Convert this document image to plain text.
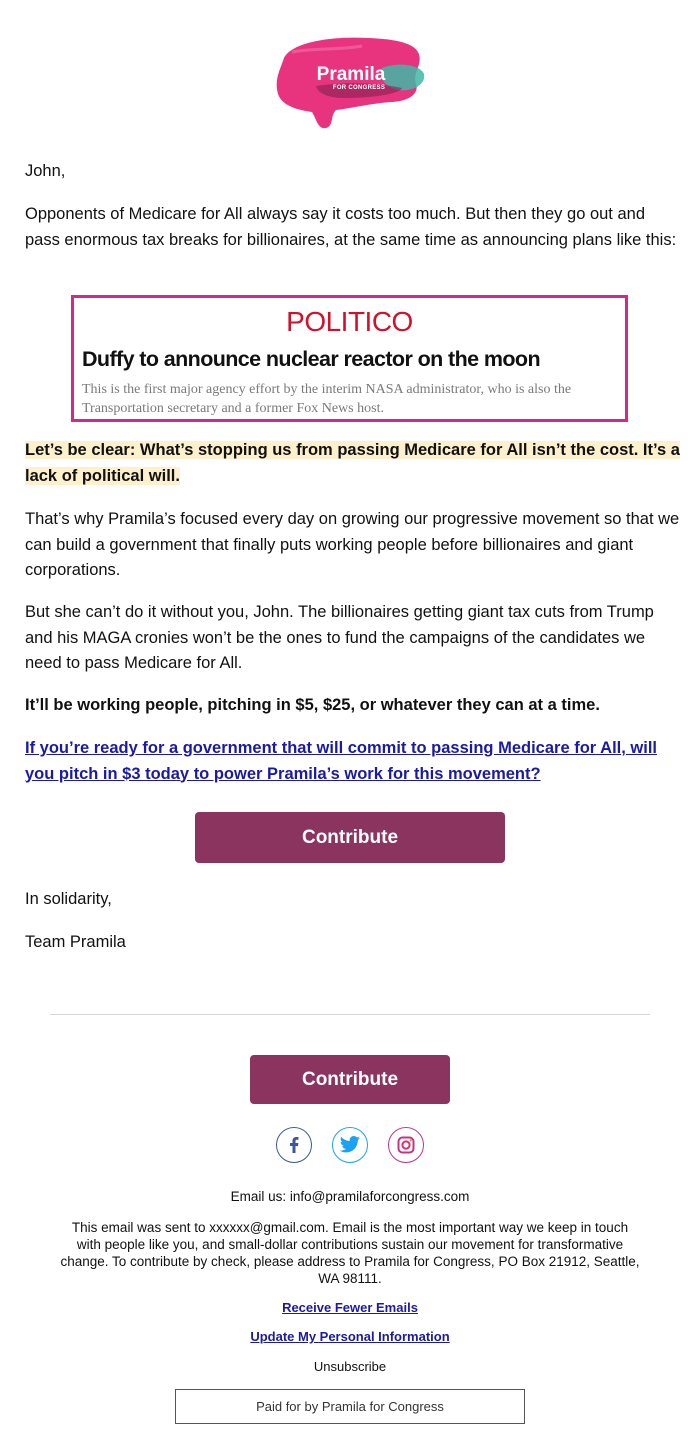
Pramila
FOR CONGRESS
John,
Opponents of Medicare for All always say it costs too much. But then they go out and pass enormous tax breaks for billionaires, at the same time as announcing plans like this:
POLITICO
Duffy to announce nuclear reactor on the moon
This is the first major agency effort by the interim NASA administrator, who is also the Transportation secretary and a former Fox News host.
Let’s be clear: What’s stopping us from passing Medicare for All isn’t the cost. It’s a lack of political will.
That’s why Pramila’s focused every day on growing our progressive movement so that we can build a government that finally puts working people before billionaires and giant corporations.
But she can’t do it without you, John. The billionaires getting giant tax cuts from Trump and his MAGA cronies won’t be the ones to fund the campaigns of the candidates we need to pass Medicare for All.
It’ll be working people, pitching in $5, $25, or whatever they can at a time.
If you’re ready for a government that will commit to passing Medicare for All, will you pitch in $3 today to power Pramila’s work for this movement?
Contribute
In solidarity,
Team Pramila
Contribute
Email us: info@pramilaforcongress.com
This email was sent to xxxxxx@gmail.com. Email is the most important way we keep in touch with people like you, and small-dollar contributions sustain our movement for transformative change. To contribute by check, please address to Pramila for Congress, PO Box 21912, Seattle, WA 98111.
Receive Fewer Emails
Update My Personal Information
Unsubscribe
Paid for by Pramila for Congress
